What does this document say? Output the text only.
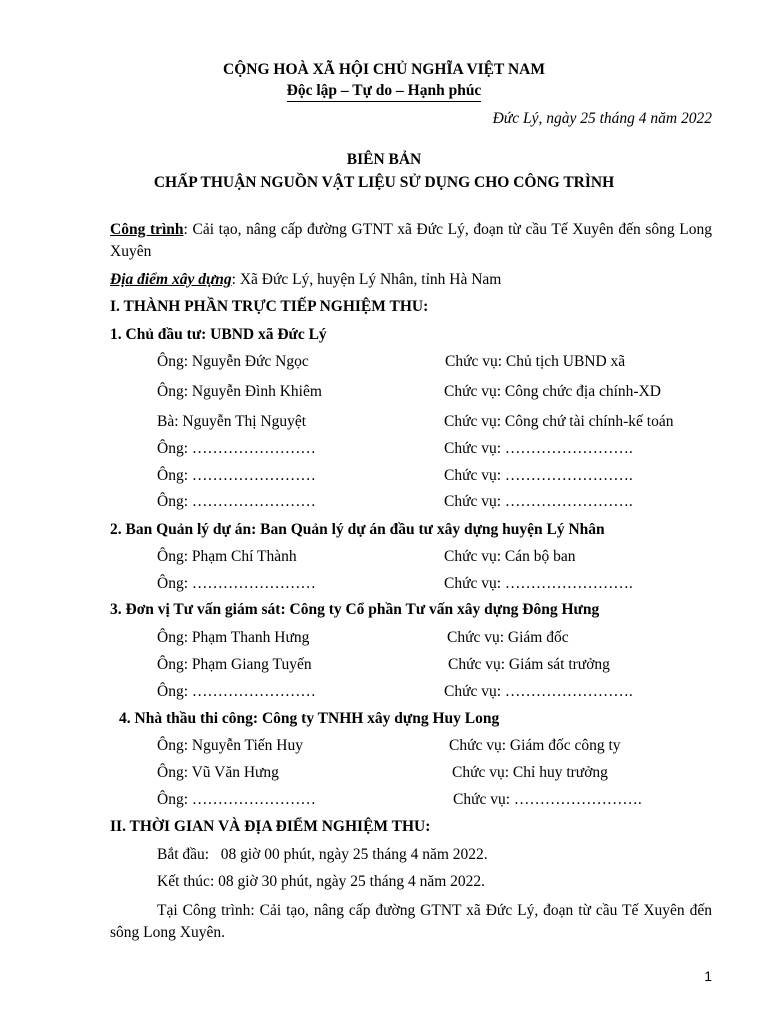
CỘNG HOÀ XÃ HỘI CHỦ NGHĨA VIỆT NAM
Độc lập – Tự do – Hạnh phúc
Đức Lý, ngày 25 tháng 4 năm 2022
BIÊN BẢN
CHẤP THUẬN NGUỒN VẬT LIỆU SỬ DỤNG CHO CÔNG TRÌNH
Công trình: Cải tạo, nâng cấp đường GTNT xã Đức Lý, đoạn từ cầu Tế Xuyên đến sông Long Xuyên
Địa điểm xây dựng: Xã Đức Lý, huyện Lý Nhân, tỉnh Hà Nam
I. THÀNH PHẦN TRỰC TIẾP NGHIỆM THU:
1. Chủ đầu tư: UBND xã Đức Lý
Ông: Nguyễn Đức Ngọc	Chức vụ: Chủ tịch UBND xã
Ông: Nguyễn Đình Khiêm	Chức vụ: Công chức địa chính-XD
Bà: Nguyễn Thị Nguyệt	Chức vụ: Công chứ tài chính-kế toán
Ông: ……………………	Chức vụ: …………………….
Ông: ……………………	Chức vụ: …………………….
Ông: ……………………	Chức vụ: …………………….
2. Ban Quản lý dự án: Ban Quản lý dự án đầu tư xây dựng huyện Lý Nhân
Ông: Phạm Chí Thành	Chức vụ: Cán bộ ban
Ông: ……………………	Chức vụ: …………………….
3. Đơn vị Tư vấn giám sát: Công ty Cổ phần Tư vấn xây dựng Đông Hưng
Ông: Phạm Thanh Hưng	Chức vụ: Giám đốc
Ông: Phạm Giang Tuyến	Chức vụ: Giám sát trưởng
Ông: ……………………	Chức vụ: …………………….
4. Nhà thầu thi công: Công ty TNHH xây dựng Huy Long
Ông: Nguyễn Tiến Huy	Chức vụ: Giám đốc công ty
Ông: Vũ Văn Hưng	Chức vụ: Chỉ huy trưởng
Ông: ……………………	Chức vụ: …………………….
II. THỜI GIAN VÀ ĐỊA ĐIỂM NGHIỆM THU:
Bắt đầu:   08 giờ 00 phút, ngày 25 tháng 4 năm 2022.
Kết thúc: 08 giờ 30 phút, ngày 25 tháng 4 năm 2022.
Tại Công trình: Cải tạo, nâng cấp đường GTNT xã Đức Lý, đoạn từ cầu Tế Xuyên đến sông Long Xuyên.
1
